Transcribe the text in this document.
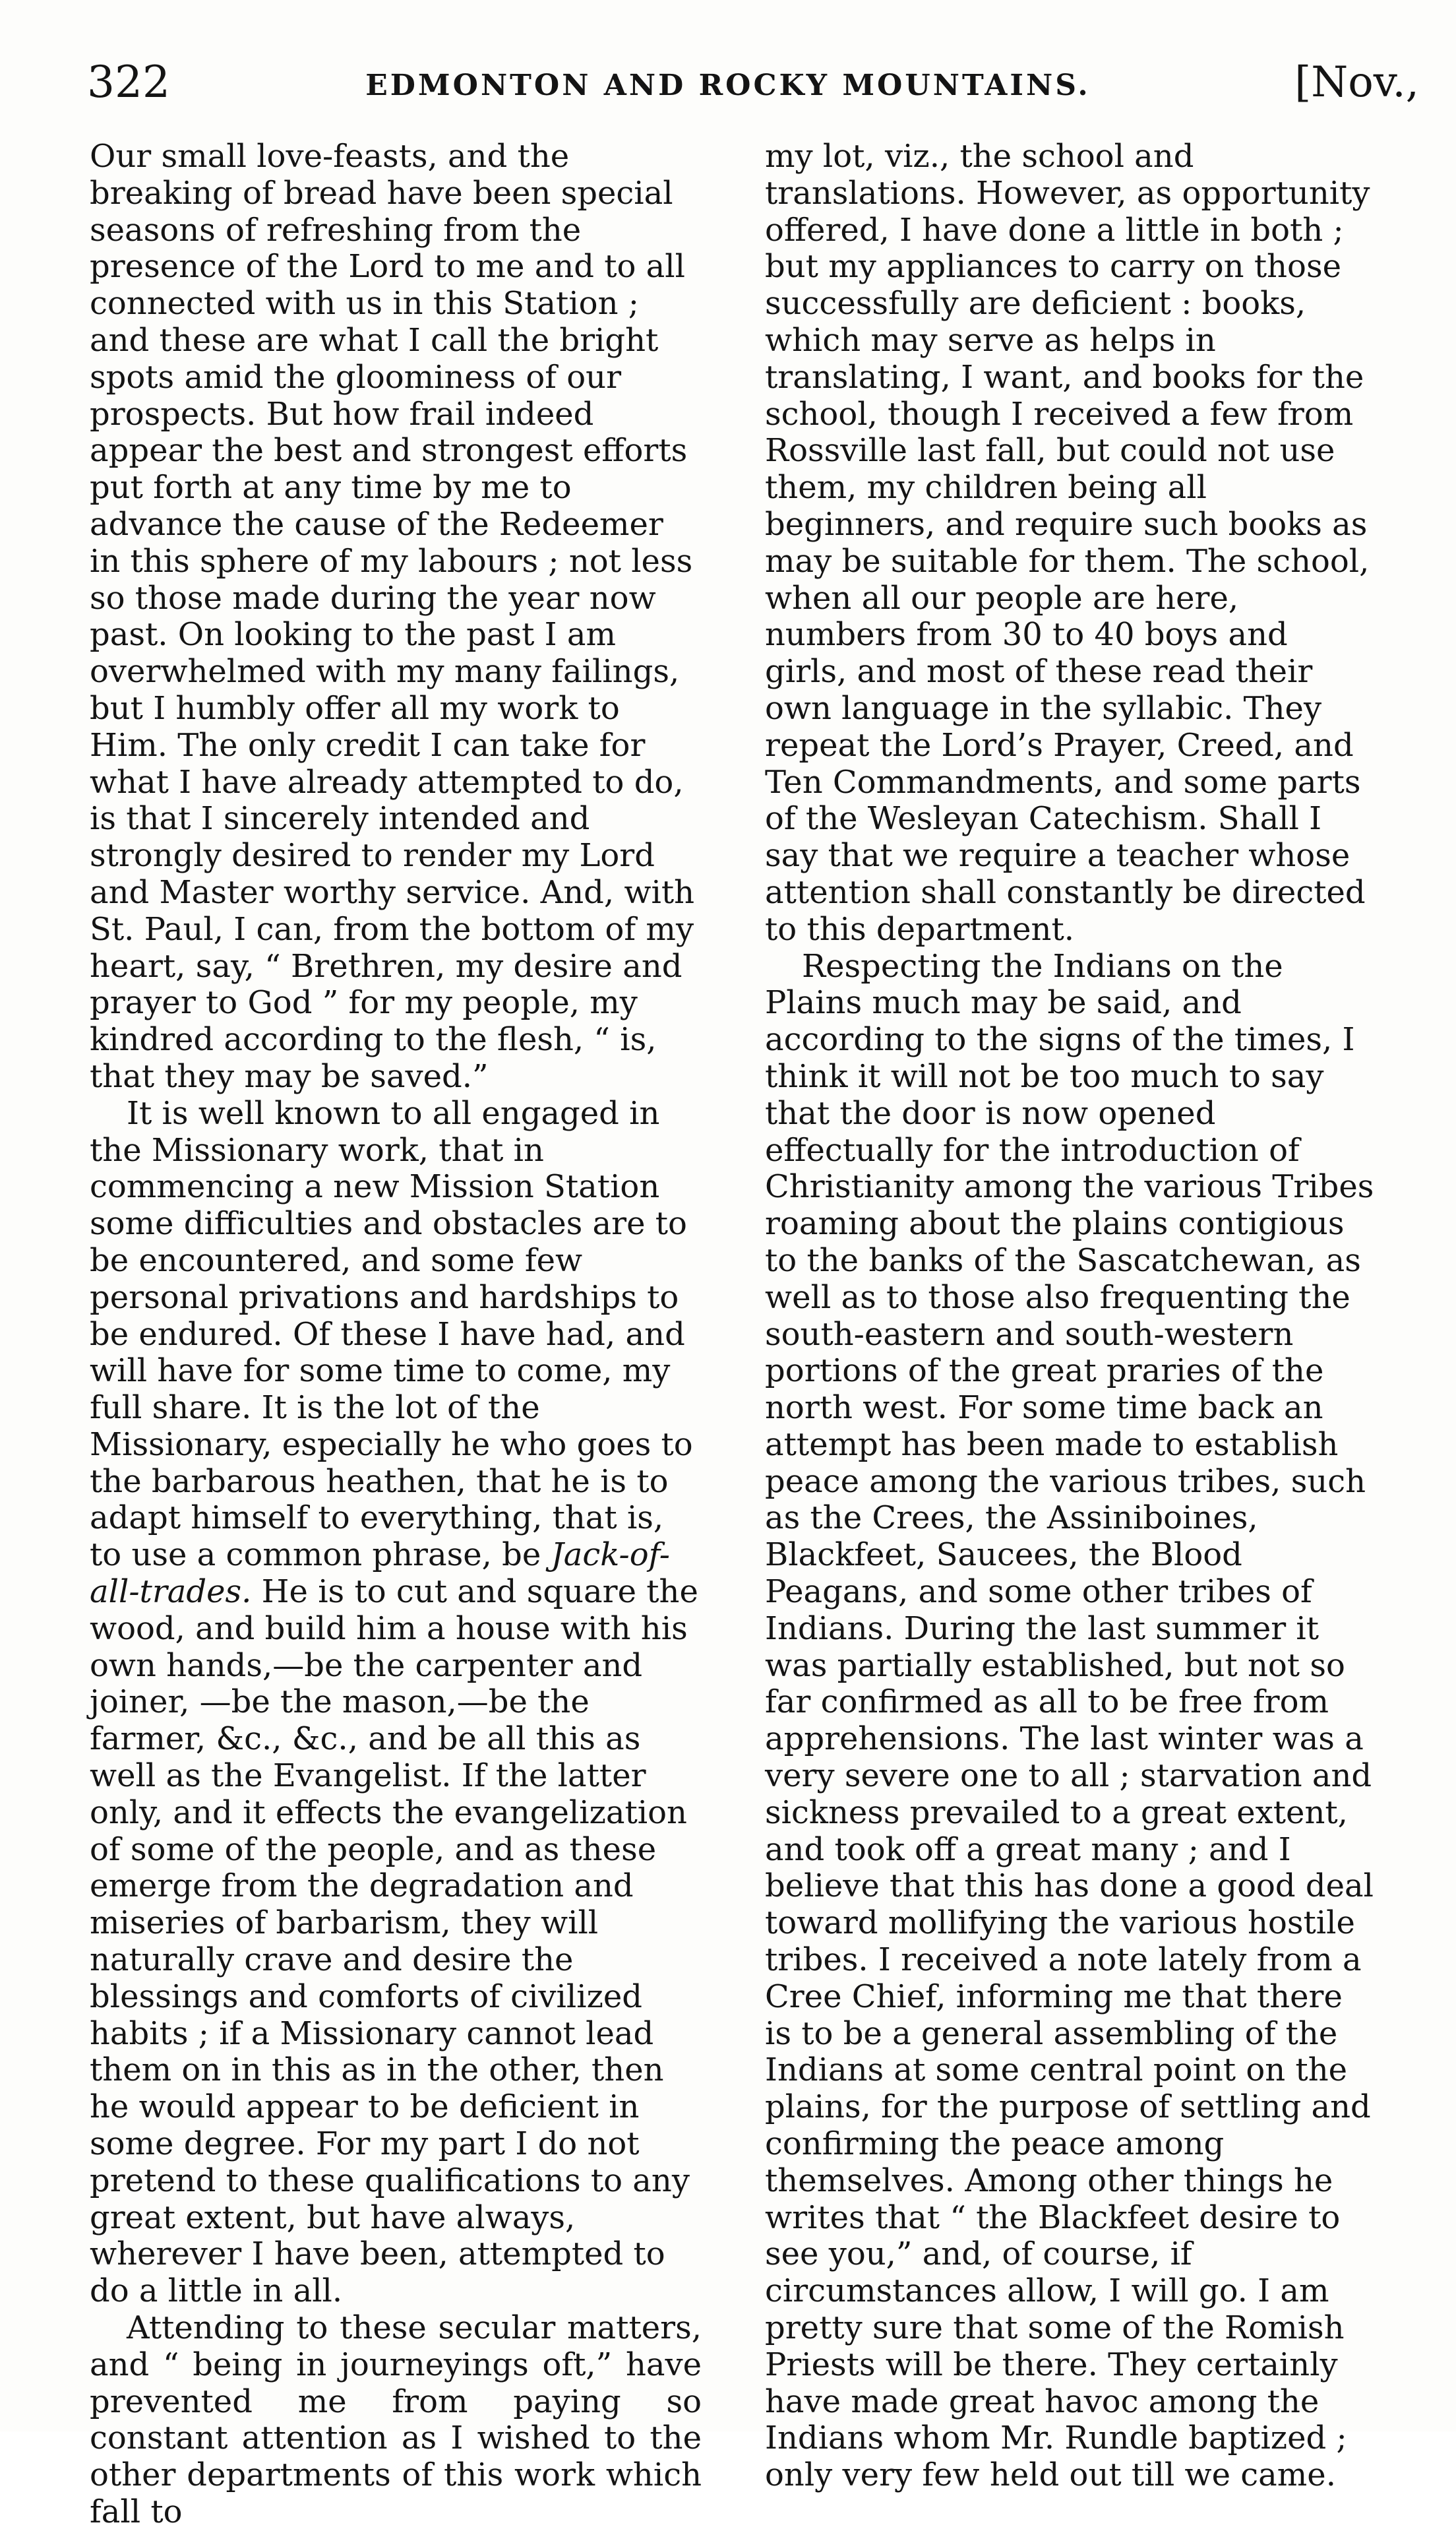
322	EDMONTON AND ROCKY MOUNTAINS.	[Nov.,

Our small love-feasts, and the breaking of bread have been special seasons of refreshing from the presence of the Lord to me and to all connected with us in this Station ; and these are what I call the bright spots amid the gloominess of our prospects. But how frail indeed appear the best and strongest efforts put forth at any time by me to advance the cause of the Redeemer in this sphere of my labours ; not less so those made during the year now past. On looking to the past I am overwhelmed with my many failings, but I humbly offer all my work to Him. The only credit I can take for what I have already attempted to do, is that I sincerely intended and strongly desired to render my Lord and Master worthy service. And, with St. Paul, I can, from the bottom of my heart, say, “ Brethren, my desire and prayer to God ” for my people, my kindred according to the flesh, “ is, that they may be saved.”

It is well known to all engaged in the Missionary work, that in commencing a new Mission Station some difficulties and obstacles are to be encountered, and some few personal privations and hardships to be endured. Of these I have had, and will have for some time to come, my full share. It is the lot of the Missionary, especially he who goes to the barbarous heathen, that he is to adapt himself to everything, that is, to use a common phrase, be Jack-of-all-trades. He is to cut and square the wood, and build him a house with his own hands,—be the carpenter and joiner, —be the mason,—be the farmer, &c., &c., and be all this as well as the Evangelist. If the latter only, and it effects the evangelization of some of the people, and as these emerge from the degradation and miseries of barbarism, they will naturally crave and desire the blessings and comforts of civilized habits ; if a Missionary cannot lead them on in this as in the other, then he would appear to be deficient in some degree. For my part I do not pretend to these qualifications to any great extent, but have always, wherever I have been, attempted to do a little in all.

Attending to these secular matters, and “ being in journeyings oft,” have prevented me from paying so constant attention as I wished to the other departments of this work which fall to

my lot, viz., the school and translations. However, as opportunity offered, I have done a little in both ; but my appliances to carry on those successfully are deficient : books, which may serve as helps in translating, I want, and books for the school, though I received a few from Rossville last fall, but could not use them, my children being all beginners, and require such books as may be suitable for them. The school, when all our people are here, numbers from 30 to 40 boys and girls, and most of these read their own language in the syllabic. They repeat the Lord’s Prayer, Creed, and Ten Commandments, and some parts of the Wesleyan Catechism. Shall I say that we require a teacher whose attention shall constantly be directed to this department.

Respecting the Indians on the Plains much may be said, and according to the signs of the times, I think it will not be too much to say that the door is now opened effectually for the introduction of Christianity among the various Tribes roaming about the plains contigious to the banks of the Sascatchewan, as well as to those also frequenting the south-eastern and south-western portions of the great praries of the north west. For some time back an attempt has been made to establish peace among the various tribes, such as the Crees, the Assiniboines, Blackfeet, Saucees, the Blood Peagans, and some other tribes of Indians. During the last summer it was partially established, but not so far confirmed as all to be free from apprehensions. The last winter was a very severe one to all ; starvation and sickness prevailed to a great extent, and took off a great many ; and I believe that this has done a good deal toward mollifying the various hostile tribes. I received a note lately from a Cree Chief, informing me that there is to be a general assembling of the Indians at some central point on the plains, for the purpose of settling and confirming the peace among themselves. Among other things he writes that “ the Blackfeet desire to see you,” and, of course, if circumstances allow, I will go. I am pretty sure that some of the Romish Priests will be there. They certainly have made great havoc among the Indians whom Mr. Rundle baptized ; only very few held out till we came.
